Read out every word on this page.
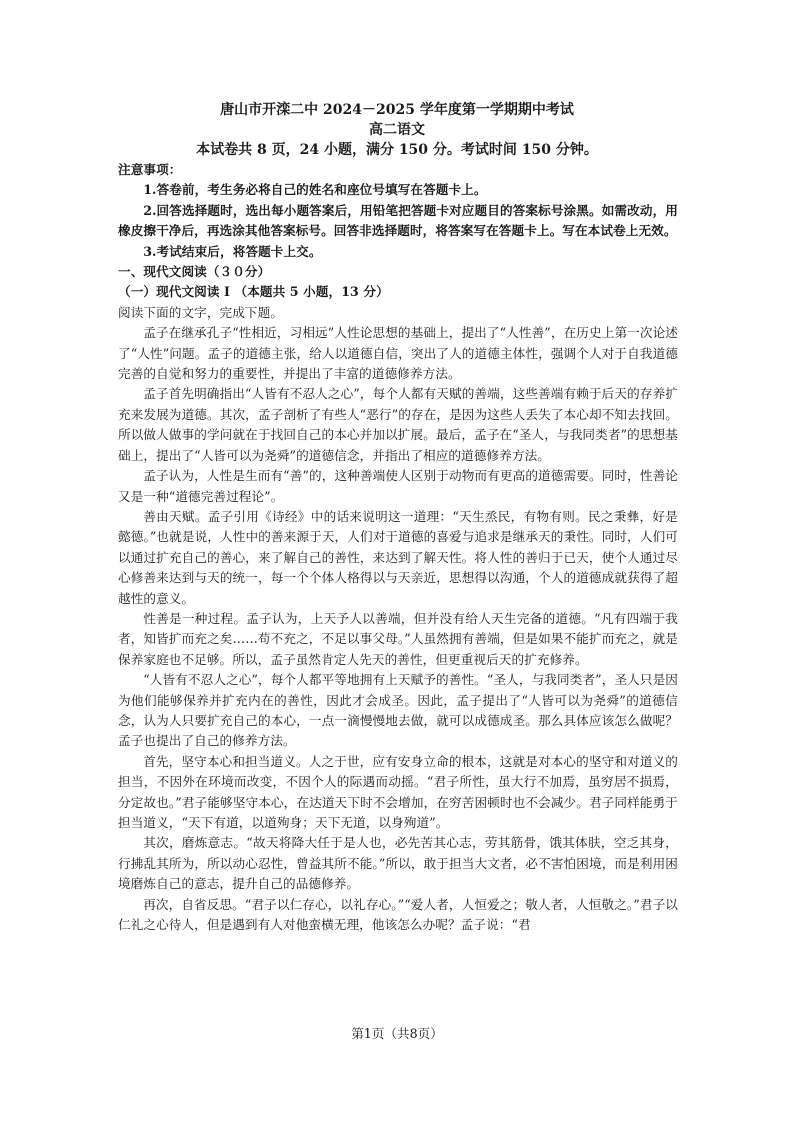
唐山市开滦二中 2024－2025 学年度第一学期期中考试
高二语文
本试卷共 8 页，24 小题，满分 150 分。考试时间 150 分钟。

注意事项：

1.答卷前，考生务必将自己的姓名和座位号填写在答题卡上。

2.回答选择题时，选出每小题答案后，用铅笔把答题卡对应题目的答案标号涂黑。如需改动，用橡皮擦干净后，再选涂其他答案标号。回答非选择题时，将答案写在答题卡上。写在本试卷上无效。

3.考试结束后，将答题卡上交。

一、现代文阅读（３０分）

（一）现代文阅读 I （本题共 5 小题，13 分）

阅读下面的文字，完成下题。

孟子在继承孔子“性相近，习相远”人性论思想的基础上，提出了“人性善”，在历史上第一次论述了“人性”问题。孟子的道德主张，给人以道德自信，突出了人的道德主体性，强调个人对于自我道德完善的自觉和努力的重要性，并提出了丰富的道德修养方法。

孟子首先明确指出“人皆有不忍人之心”，每个人都有天赋的善端，这些善端有赖于后天的存养扩充来发展为道德。其次，孟子剖析了有些人“恶行”的存在，是因为这些人丢失了本心却不知去找回。所以做人做事的学问就在于找回自己的本心并加以扩展。最后，孟子在“圣人，与我同类者”的思想基础上，提出了“人皆可以为尧舜”的道德信念，并指出了相应的道德修养方法。

孟子认为，人性是生而有“善”的，这种善端使人区别于动物而有更高的道德需要。同时，性善论又是一种“道德完善过程论”。

善由天赋。孟子引用《诗经》中的话来说明这一道理：“天生烝民，有物有则。民之秉彝，好是懿德。”也就是说，人性中的善来源于天，人们对于道德的喜爱与追求是继承天的秉性。同时，人们可以通过扩充自己的善心，来了解自己的善性，来达到了解天性。将人性的善归于已天，使个人通过尽心修善来达到与天的统一，每一个个体人格得以与天亲近，思想得以沟通，个人的道德成就获得了超越性的意义。

性善是一种过程。孟子认为，上天予人以善端，但并没有给人天生完备的道德。“凡有四端于我者，知皆扩而充之矣……苟不充之，不足以事父母。”人虽然拥有善端，但是如果不能扩而充之，就是保养家庭也不足够。所以，孟子虽然肯定人先天的善性，但更重视后天的扩充修养。

“人皆有不忍人之心”，每个人都平等地拥有上天赋予的善性。“圣人，与我同类者”，圣人只是因为他们能够保养并扩充内在的善性，因此才会成圣。因此，孟子提出了“人皆可以为尧舜”的道德信念，认为人只要扩充自己的本心，一点一滴慢慢地去做，就可以成德成圣。那么具体应该怎么做呢？孟子也提出了自己的修养方法。

首先，坚守本心和担当道义。人之于世，应有安身立命的根本，这就是对本心的坚守和对道义的担当，不因外在环境而改变，不因个人的际遇而动摇。“君子所性，虽大行不加焉，虽穷居不损焉，分定故也。”君子能够坚守本心，在达道天下时不会增加，在穷苦困顿时也不会减少。君子同样能勇于担当道义，“天下有道，以道殉身；天下无道，以身殉道”。

其次，磨炼意志。“故天将降大任于是人也，必先苦其心志，劳其筋骨，饿其体肤，空乏其身，行拂乱其所为，所以动心忍性，曾益其所不能。”所以，敢于担当大文者，必不害怕困境，而是利用困境磨炼自己的意志，提升自己的品德修养。

再次，自省反思。“君子以仁存心，以礼存心。”“爱人者，人恒爱之；敬人者，人恒敬之。”君子以仁礼之心待人，但是遇到有人对他蛮横无理，他该怎么办呢？孟子说：“君

第1页（共8页）
